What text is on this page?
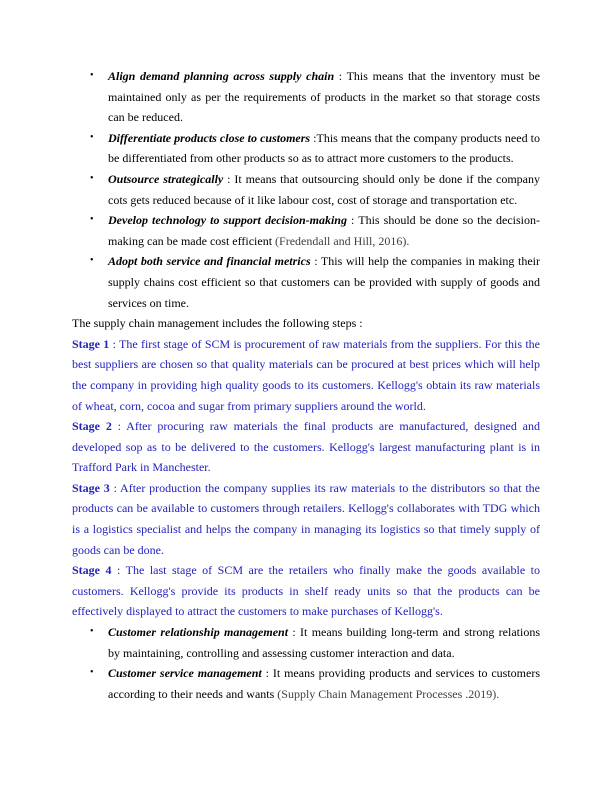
• Align demand planning across supply chain : This means that the inventory must be maintained only as per the requirements of products in the market so that storage costs can be reduced.
• Differentiate products close to customers :This means that the company products need to be differentiated from other products so as to attract more customers to the products.
• Outsource strategically : It means that outsourcing should only be done if the company cots gets reduced because of it like labour cost, cost of storage and transportation etc.
• Develop technology to support decision-making : This should be done so the decision-making can be made cost efficient (Fredendall and Hill, 2016).
• Adopt both service and financial metrics : This will help the companies in making their supply chains cost efficient so that customers can be provided with supply of goods and services on time.

The supply chain management includes the following steps :

Stage 1 : The first stage of SCM is procurement of raw materials from the suppliers. For this the best suppliers are chosen so that quality materials can be procured at best prices which will help the company in providing high quality goods to its customers. Kellogg's obtain its raw materials of wheat, corn, cocoa and sugar from primary suppliers around the world.

Stage 2 : After procuring raw materials the final products are manufactured, designed and developed sop as to be delivered to the customers. Kellogg's largest manufacturing plant is in Trafford Park in Manchester.

Stage 3 : After production the company supplies its raw materials to the distributors so that the products can be available to customers through retailers. Kellogg's collaborates with TDG which is a logistics specialist and helps the company in managing its logistics so that timely supply of goods can be done.

Stage 4 : The last stage of SCM are the retailers who finally make the goods available to customers. Kellogg's provide its products in shelf ready units so that the products can be effectively displayed to attract the customers to make purchases of Kellogg's.

• Customer relationship management : It means building long-term and strong relations by maintaining, controlling and assessing customer interaction and data.
• Customer service management : It means providing products and services to customers according to their needs and wants (Supply Chain Management Processes .2019).
